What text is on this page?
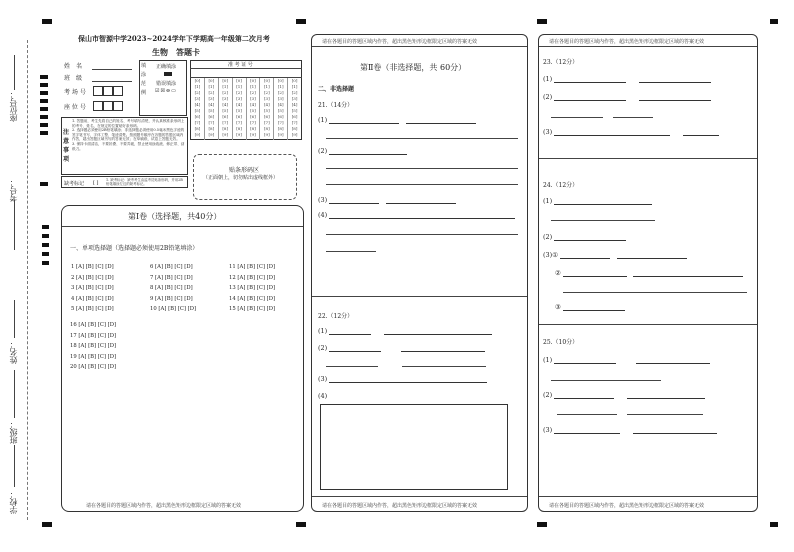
座位号：
考号：
姓名：
班级：
学校：
保山市智源中学2023~2024学年下学期高一年级第二次月考
生物　答题卡
姓　名
班　级
考 场 号
座 位 号
填涂范例
正确填涂
错误填涂
☑☒⊖▭
准 考 证 号
[0]
[1]
[2]
[3]
[4]
[5]
[6]
[7]
[8]
[9]
[0]
[1]
[2]
[3]
[4]
[5]
[6]
[7]
[8]
[9]
[0]
[1]
[2]
[3]
[4]
[5]
[6]
[7]
[8]
[9]
[0]
[1]
[2]
[3]
[4]
[5]
[6]
[7]
[8]
[9]
[0]
[1]
[2]
[3]
[4]
[5]
[6]
[7]
[8]
[9]
[0]
[1]
[2]
[3]
[4]
[5]
[6]
[7]
[8]
[9]
[0]
[1]
[2]
[3]
[4]
[5]
[6]
[7]
[8]
[9]
[0]
[1]
[2]
[3]
[4]
[5]
[6]
[7]
[8]
[9]
注意事项
1. 答题前，考生先将自己的姓名、考号填写清楚，并认真核准条形码上的考号、姓名，在规定的位置贴好条形码。
2. 选择题必须使用2B铅笔填涂；非选择题必须使用0.5毫米黑色字迹的签字笔书写，字体工整、笔迹清楚。按照题号顺序在各题的答题区域内作答，超出答题区域书写的答案无效；在草稿纸、试卷上答题无效。
3. 保持卡面清洁，不要折叠、不要弄破，禁止使用涂改液、修正带、刮纸刀。
缺考标记 [ ] 1. 缺考标记：缺考考生由监考员贴条形码，并用2B铅笔填涂左边的缺考标记。
贴条形码区
（正面朝上，切勿贴出虚线框外）
第Ⅰ卷（选择题，共40分）
一、单项选择题（选择题必须使用2B铅笔填涂）
1 [A] [B] [C] [D]
2 [A] [B] [C] [D]
3 [A] [B] [C] [D]
4 [A] [B] [C] [D]
5 [A] [B] [C] [D]
6 [A] [B] [C] [D]
7 [A] [B] [C] [D]
8 [A] [B] [C] [D]
9 [A] [B] [C] [D]
10 [A] [B] [C] [D]
11 [A] [B] [C] [D]
12 [A] [B] [C] [D]
13 [A] [B] [C] [D]
14 [A] [B] [C] [D]
15 [A] [B] [C] [D]
16 [A] [B] [C] [D]
17 [A] [B] [C] [D]
18 [A] [B] [C] [D]
19 [A] [B] [C] [D]
20 [A] [B] [C] [D]
请在各题目的答题区域内作答，超出黑色矩形边框限定区域的答案无效
请在各题目的答题区域内作答，超出黑色矩形边框限定区域的答案无效
第Ⅱ卷（非选择题，共 60分）
二、非选择题
21.（14分）
(1) 　
(2)
(3) 　
(4)
22.（12分）
(1) 　　
(2) 　　　
(3)
(4)
请在各题目的答题区域内作答，超出黑色矩形边框限定区域的答案无效
请在各题目的答题区域内作答，超出黑色矩形边框限定区域的答案无效
23.（12分）
(1) 　　
(2) 　　
(3) 　　
24.（12分）
(1)
(2)
(3)① 　
② 　
③
25.（10分）
(1) 　　　
(2) 　　
(3) 　　
请在各题目的答题区域内作答，超出黑色矩形边框限定区域的答案无效
